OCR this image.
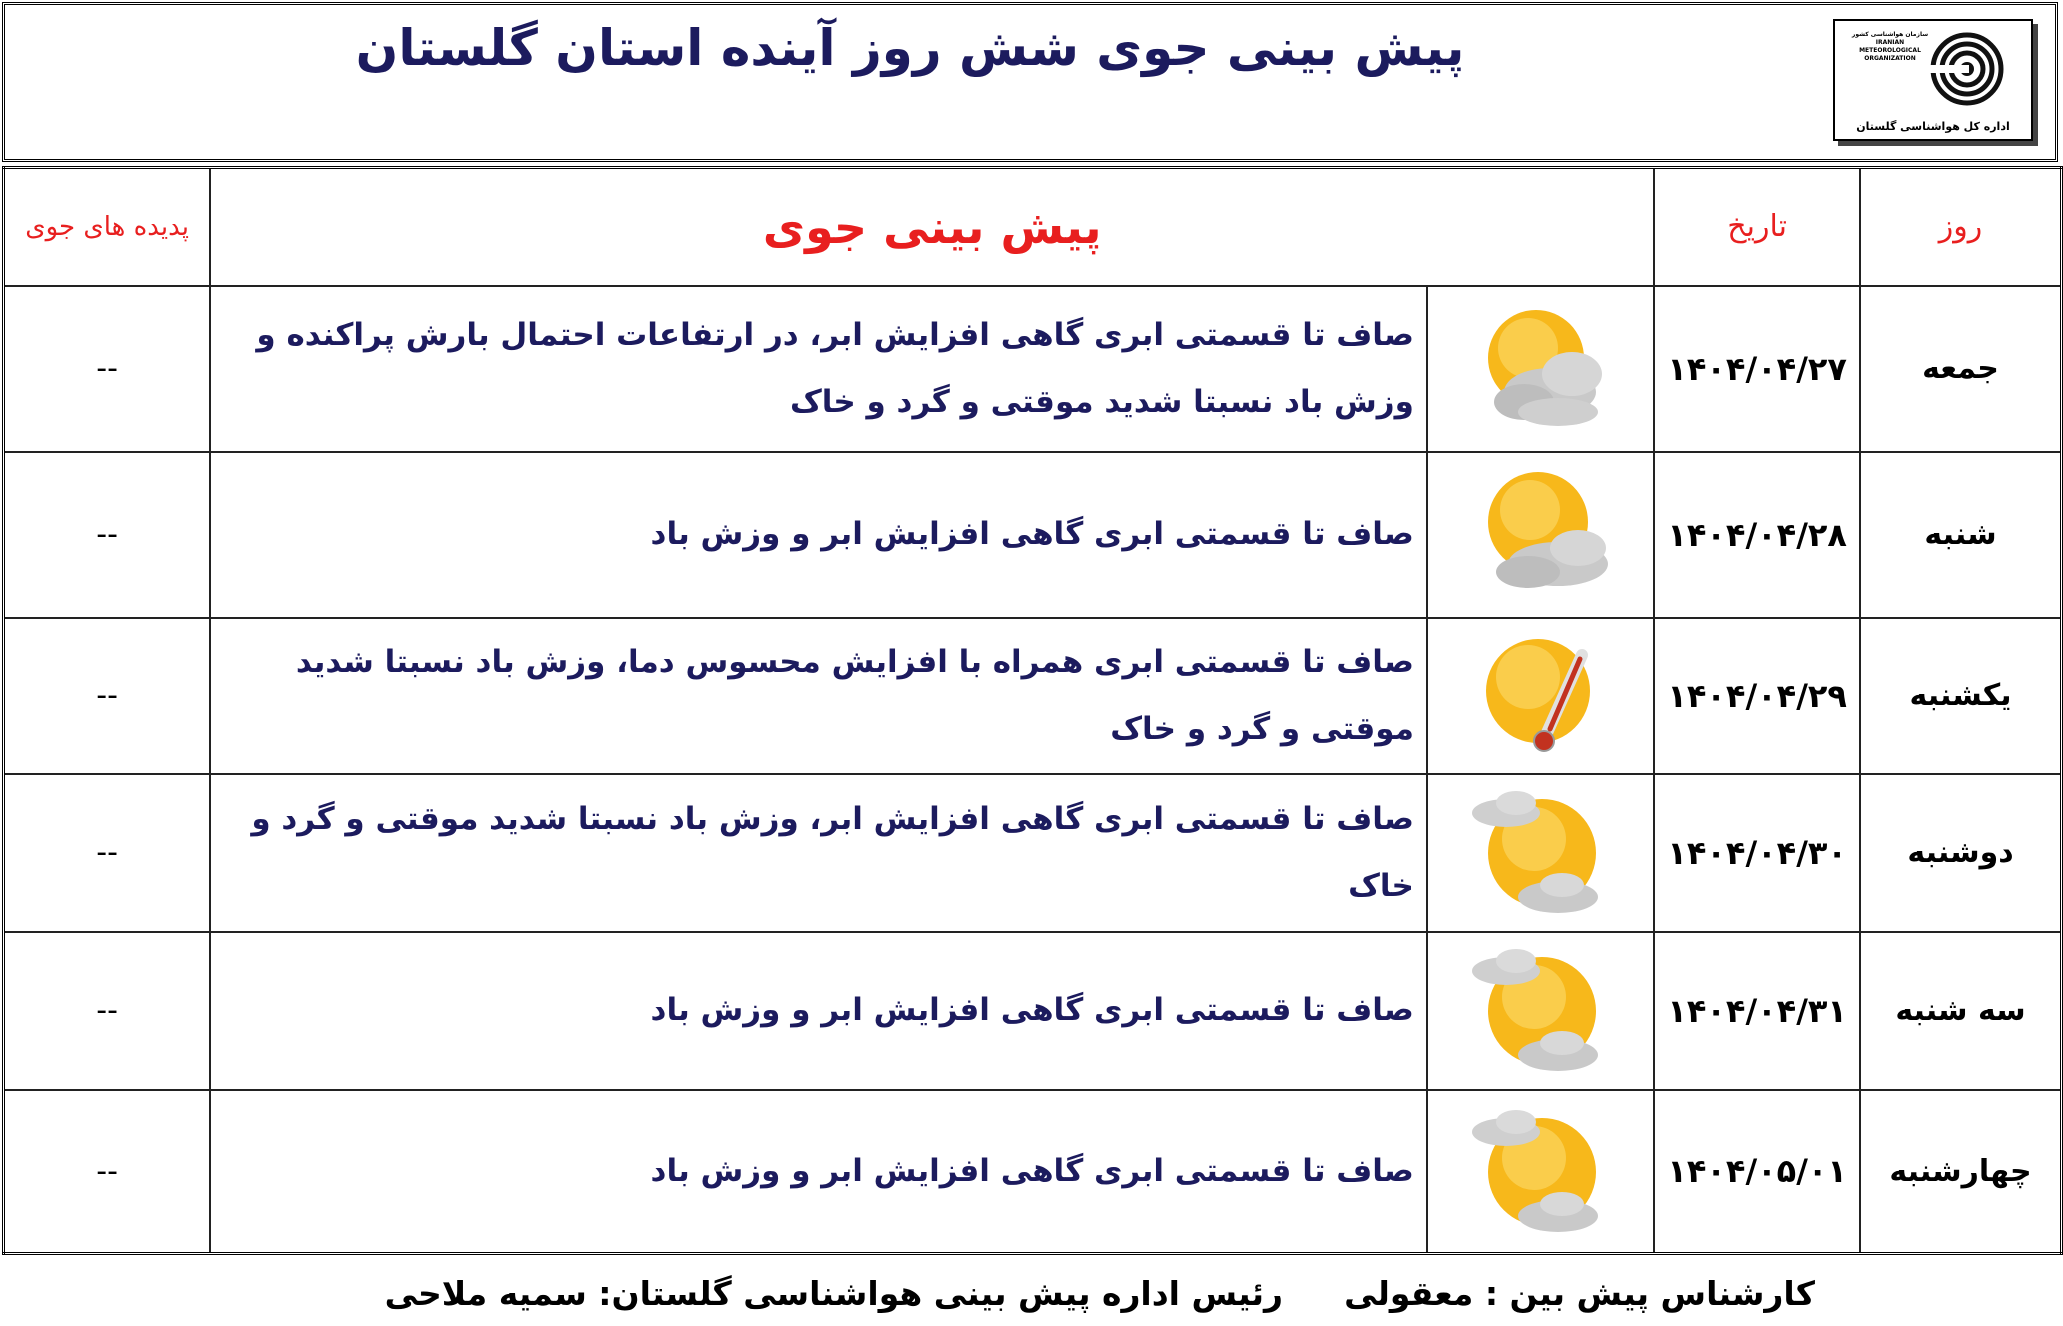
پیش بینی جوی شش روز آینده استان گلستان	سازمان هواشناسی کشور IRANIAN METEOROLOGICAL ORGANIZATION
اداره کل هواشناسی گلستان
روز	تاریخ	پیش بینی جوی		پدیده های جوی
جمعه	۱۴۰۴/۰۴/۲۷		صاف تا قسمتی ابری گاهی افزایش ابر، در ارتفاعات احتمال بارش پراکنده و وزش باد نسبتا شدید موقتی و گرد و خاک	--
شنبه	۱۴۰۴/۰۴/۲۸		صاف تا قسمتی ابری گاهی افزایش ابر و وزش باد	--
یکشنبه	۱۴۰۴/۰۴/۲۹		صاف تا قسمتی ابری همراه با افزایش محسوس دما، وزش باد نسبتا شدید موقتی و گرد و خاک	--
دوشنبه	۱۴۰۴/۰۴/۳۰		صاف تا قسمتی ابری گاهی افزایش ابر، وزش باد نسبتا شدید موقتی و گرد و خاک	--
سه شنبه	۱۴۰۴/۰۴/۳۱		صاف تا قسمتی ابری گاهی افزایش ابر و وزش باد	--
چهارشنبه	۱۴۰۴/۰۵/۰۱		صاف تا قسمتی ابری گاهی افزایش ابر و وزش باد	--
کارشناس پیش بین : معقولی
رئیس اداره پیش بینی هواشناسی گلستان: سمیه ملاحی
